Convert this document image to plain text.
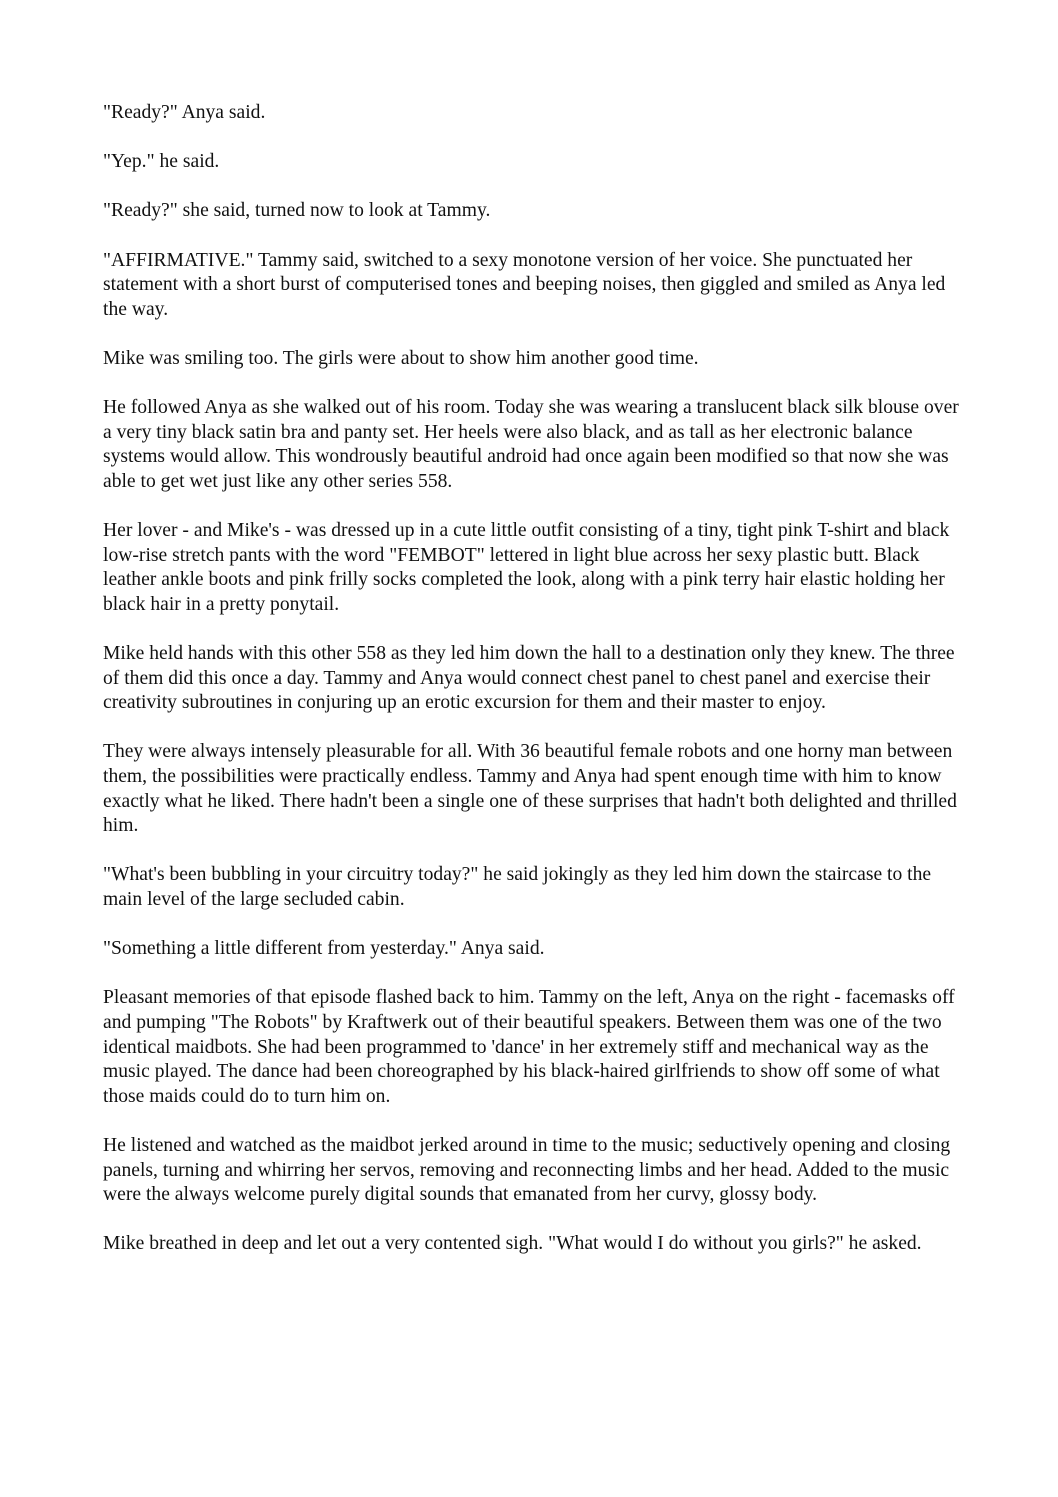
"Ready?" Anya said.

"Yep." he said.

"Ready?" she said, turned now to look at Tammy.

"AFFIRMATIVE." Tammy said, switched to a sexy monotone version of her voice. She punctuated her statement with a short burst of computerised tones and beeping noises, then giggled and smiled as Anya led the way.

Mike was smiling too. The girls were about to show him another good time.

He followed Anya as she walked out of his room. Today she was wearing a translucent black silk blouse over a very tiny black satin bra and panty set. Her heels were also black, and as tall as her electronic balance systems would allow. This wondrously beautiful android had once again been modified so that now she was able to get wet just like any other series 558.

Her lover - and Mike's - was dressed up in a cute little outfit consisting of a tiny, tight pink T-shirt and black low-rise stretch pants with the word "FEMBOT" lettered in light blue across her sexy plastic butt. Black leather ankle boots and pink frilly socks completed the look, along with a pink terry hair elastic holding her black hair in a pretty ponytail.

Mike held hands with this other 558 as they led him down the hall to a destination only they knew. The three of them did this once a day. Tammy and Anya would connect chest panel to chest panel and exercise their creativity subroutines in conjuring up an erotic excursion for them and their master to enjoy.

They were always intensely pleasurable for all. With 36 beautiful female robots and one horny man between them, the possibilities were practically endless. Tammy and Anya had spent enough time with him to know exactly what he liked. There hadn't been a single one of these surprises that hadn't both delighted and thrilled him.

"What's been bubbling in your circuitry today?" he said jokingly as they led him down the staircase to the main level of the large secluded cabin.

"Something a little different from yesterday." Anya said.

Pleasant memories of that episode flashed back to him. Tammy on the left, Anya on the right - facemasks off and pumping "The Robots" by Kraftwerk out of their beautiful speakers. Between them was one of the two identical maidbots. She had been programmed to 'dance' in her extremely stiff and mechanical way as the music played. The dance had been choreographed by his black-haired girlfriends to show off some of what those maids could do to turn him on.

He listened and watched as the maidbot jerked around in time to the music; seductively opening and closing panels, turning and whirring her servos, removing and reconnecting limbs and her head. Added to the music were the always welcome purely digital sounds that emanated from her curvy, glossy body.

Mike breathed in deep and let out a very contented sigh. "What would I do without you girls?" he asked.
